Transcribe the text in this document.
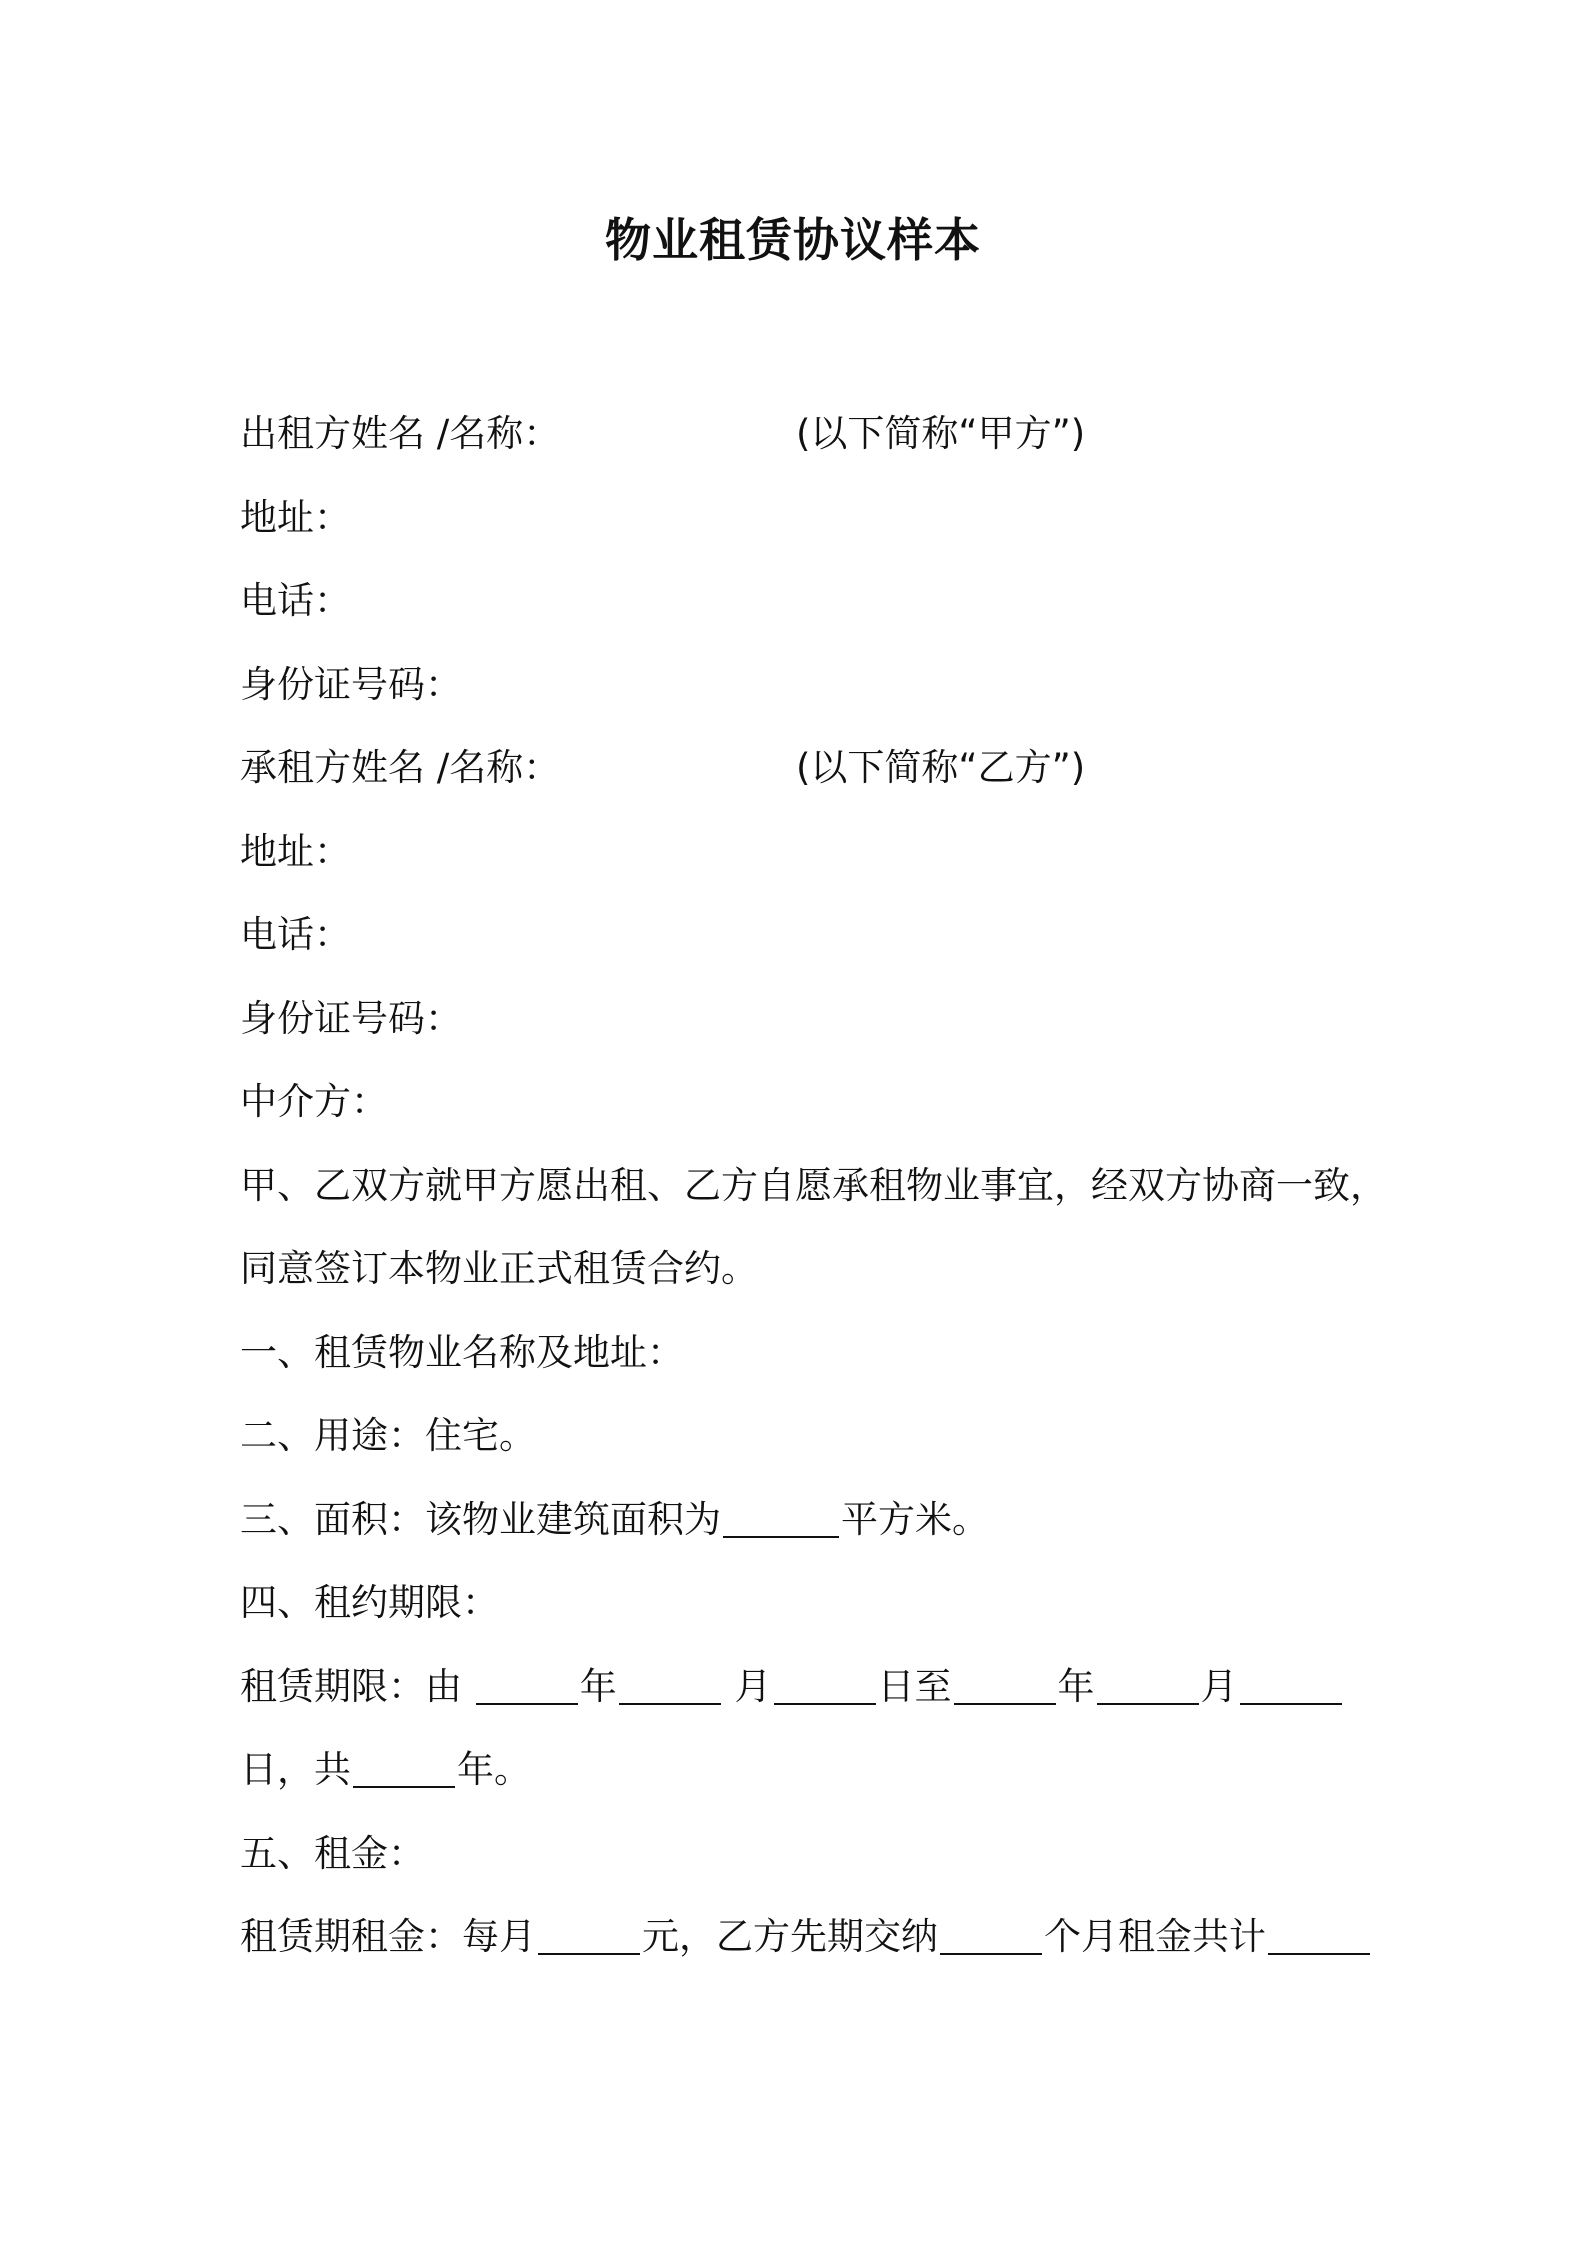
物业租赁协议样本
出租方姓名 /名称：	(以下简称“甲方”)
地址：
电话：
身份证号码：
承租方姓名 /名称：	(以下简称“乙方”)
地址：
电话：
身份证号码：
中介方：
甲、乙双方就甲方愿出租、乙方自愿承租物业事宜，经双方协商一致，
同意签订本物业正式租赁合约。
一、租赁物业名称及地址：
二、用途：住宅。
三、面积：该物业建筑面积为	平方米。
四、租约期限：
租赁期限：由	年	月	日至	年	月
日，共	年。
五、租金：
租赁期租金：每月	元，乙方先期交纳	个月租金共计
